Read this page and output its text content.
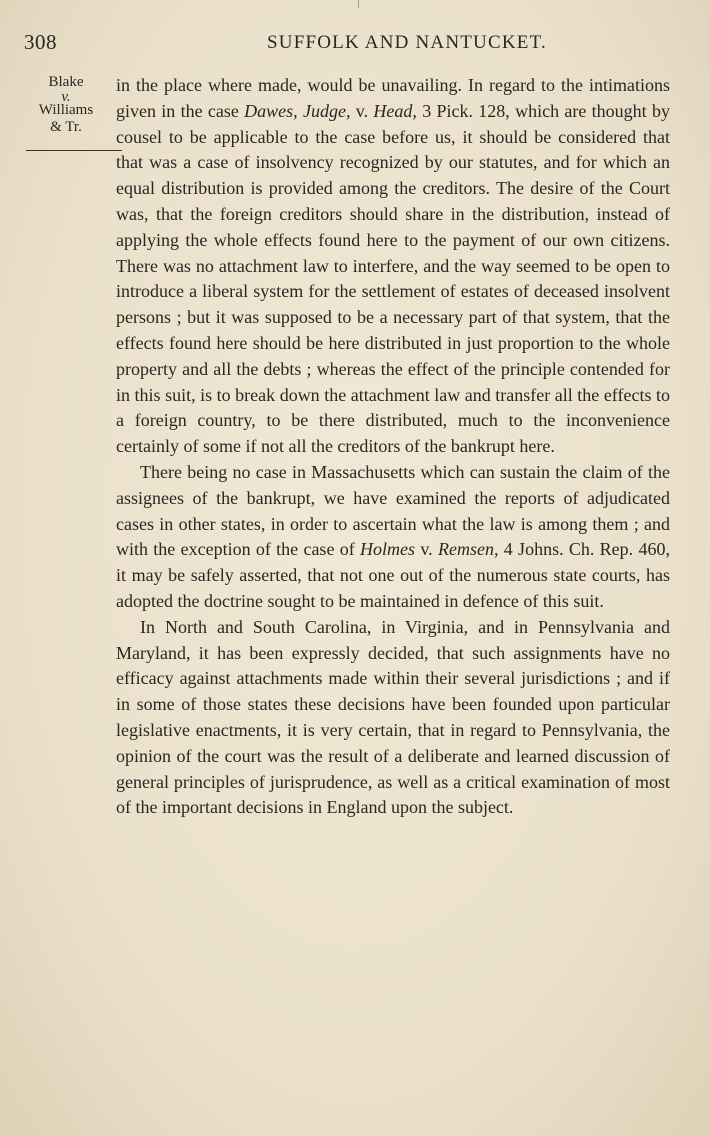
308	SUFFOLK AND NANTUCKET.
Blake
v.
Williams
& Tr.

in the place where made, would be unavailing. In regard to the intimations given in the case Dawes, Judge, v. Head, 3 Pick. 128, which are thought by cousel to be applicable to the case before us, it should be considered that that was a case of insolvency recognized by our statutes, and for which an equal distribution is provided among the creditors. The desire of the Court was, that the foreign creditors should share in the distribution, instead of applying the whole effects found here to the payment of our own citizens. There was no attachment law to interfere, and the way seemed to be open to introduce a liberal system for the settlement of estates of deceased insolvent persons ; but it was supposed to be a necessary part of that system, that the effects found here should be here distributed in just proportion to the whole property and all the debts ; whereas the effect of the principle contended for in this suit, is to break down the attachment law and transfer all the effects to a foreign country, to be there distributed, much to the inconvenience certainly of some if not all the creditors of the bankrupt here.

There being no case in Massachusetts which can sustain the claim of the assignees of the bankrupt, we have examined the reports of adjudicated cases in other states, in order to ascertain what the law is among them ; and with the exception of the case of Holmes v. Remsen, 4 Johns. Ch. Rep. 460, it may be safely asserted, that not one out of the numerous state courts, has adopted the doctrine sought to be maintained in defence of this suit.

In North and South Carolina, in Virginia, and in Pennsylvania and Maryland, it has been expressly decided, that such assignments have no efficacy against attachments made within their several jurisdictions ; and if in some of those states these decisions have been founded upon particular legislative enactments, it is very certain, that in regard to Pennsylvania, the opinion of the court was the result of a deliberate and learned discussion of general principles of jurisprudence, as well as a critical examination of most of the important decisions in England upon the subject.
